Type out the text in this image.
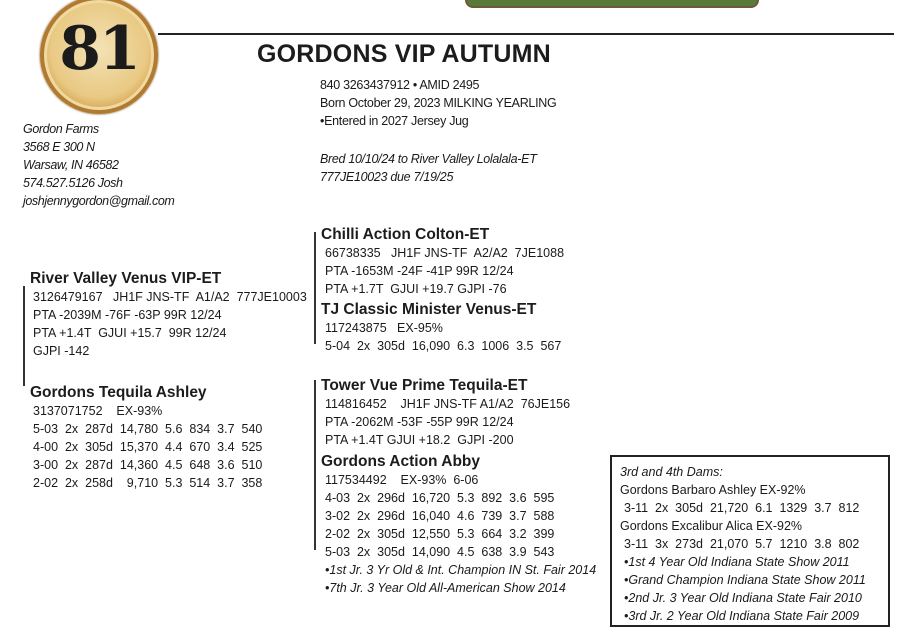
81	GORDONS VIP AUTUMN
840 3263437912 • AMID 2495
Born October 29, 2023 MILKING YEARLING
•Entered in 2027 Jersey Jug
Bred 10/10/24 to River Valley Lolalala-ET
777JE10023 due 7/19/25
Gordon Farms
3568 E 300 N
Warsaw, IN 46582
574.527.5126 Josh
joshjennygordon@gmail.com
River Valley Venus VIP-ET
3126479167   JH1F JNS-TF  A1/A2  777JE10003
PTA -2039M -76F -63P 99R 12/24
PTA +1.4T  GJUI +15.7  99R 12/24
GJPI -142
Gordons Tequila Ashley
3137071752    EX-93%
5-03  2x  287d  14,780  5.6  834  3.7  540
4-00  2x  305d  15,370  4.4  670  3.4  525
3-00  2x  287d  14,360  4.5  648  3.6  510
2-02  2x  258d    9,710  5.3  514  3.7  358
Chilli Action Colton-ET
66738335   JH1F JNS-TF  A2/A2  7JE1088
PTA -1653M -24F -41P 99R 12/24
PTA +1.7T  GJUI +19.7 GJPI -76
TJ Classic Minister Venus-ET
117243875   EX-95%
5-04  2x  305d  16,090  6.3  1006  3.5  567
Tower Vue Prime Tequila-ET
114816452    JH1F JNS-TF A1/A2  76JE156
PTA -2062M -53F -55P 99R 12/24
PTA +1.4T GJUI +18.2  GJPI -200
Gordons Action Abby
117534492    EX-93%  6-06
4-03  2x  296d  16,720  5.3  892  3.6  595
3-02  2x  296d  16,040  4.6  739  3.7  588
2-02  2x  305d  12,550  5.3  664  3.2  399
5-03  2x  305d  14,090  4.5  638  3.9  543
•1st Jr. 3 Yr Old & Int. Champion IN St. Fair 2014
•7th Jr. 3 Year Old All-American Show 2014
3rd and 4th Dams:
Gordons Barbaro Ashley EX-92%
3-11  2x  305d  21,720  6.1  1329  3.7  812
Gordons Excalibur Alica EX-92%
3-11  3x  273d  21,070  5.7  1210  3.8  802
•1st 4 Year Old Indiana State Show 2011
•Grand Champion Indiana State Show 2011
•2nd Jr. 3 Year Old Indiana State Fair 2010
•3rd Jr. 2 Year Old Indiana State Fair 2009
